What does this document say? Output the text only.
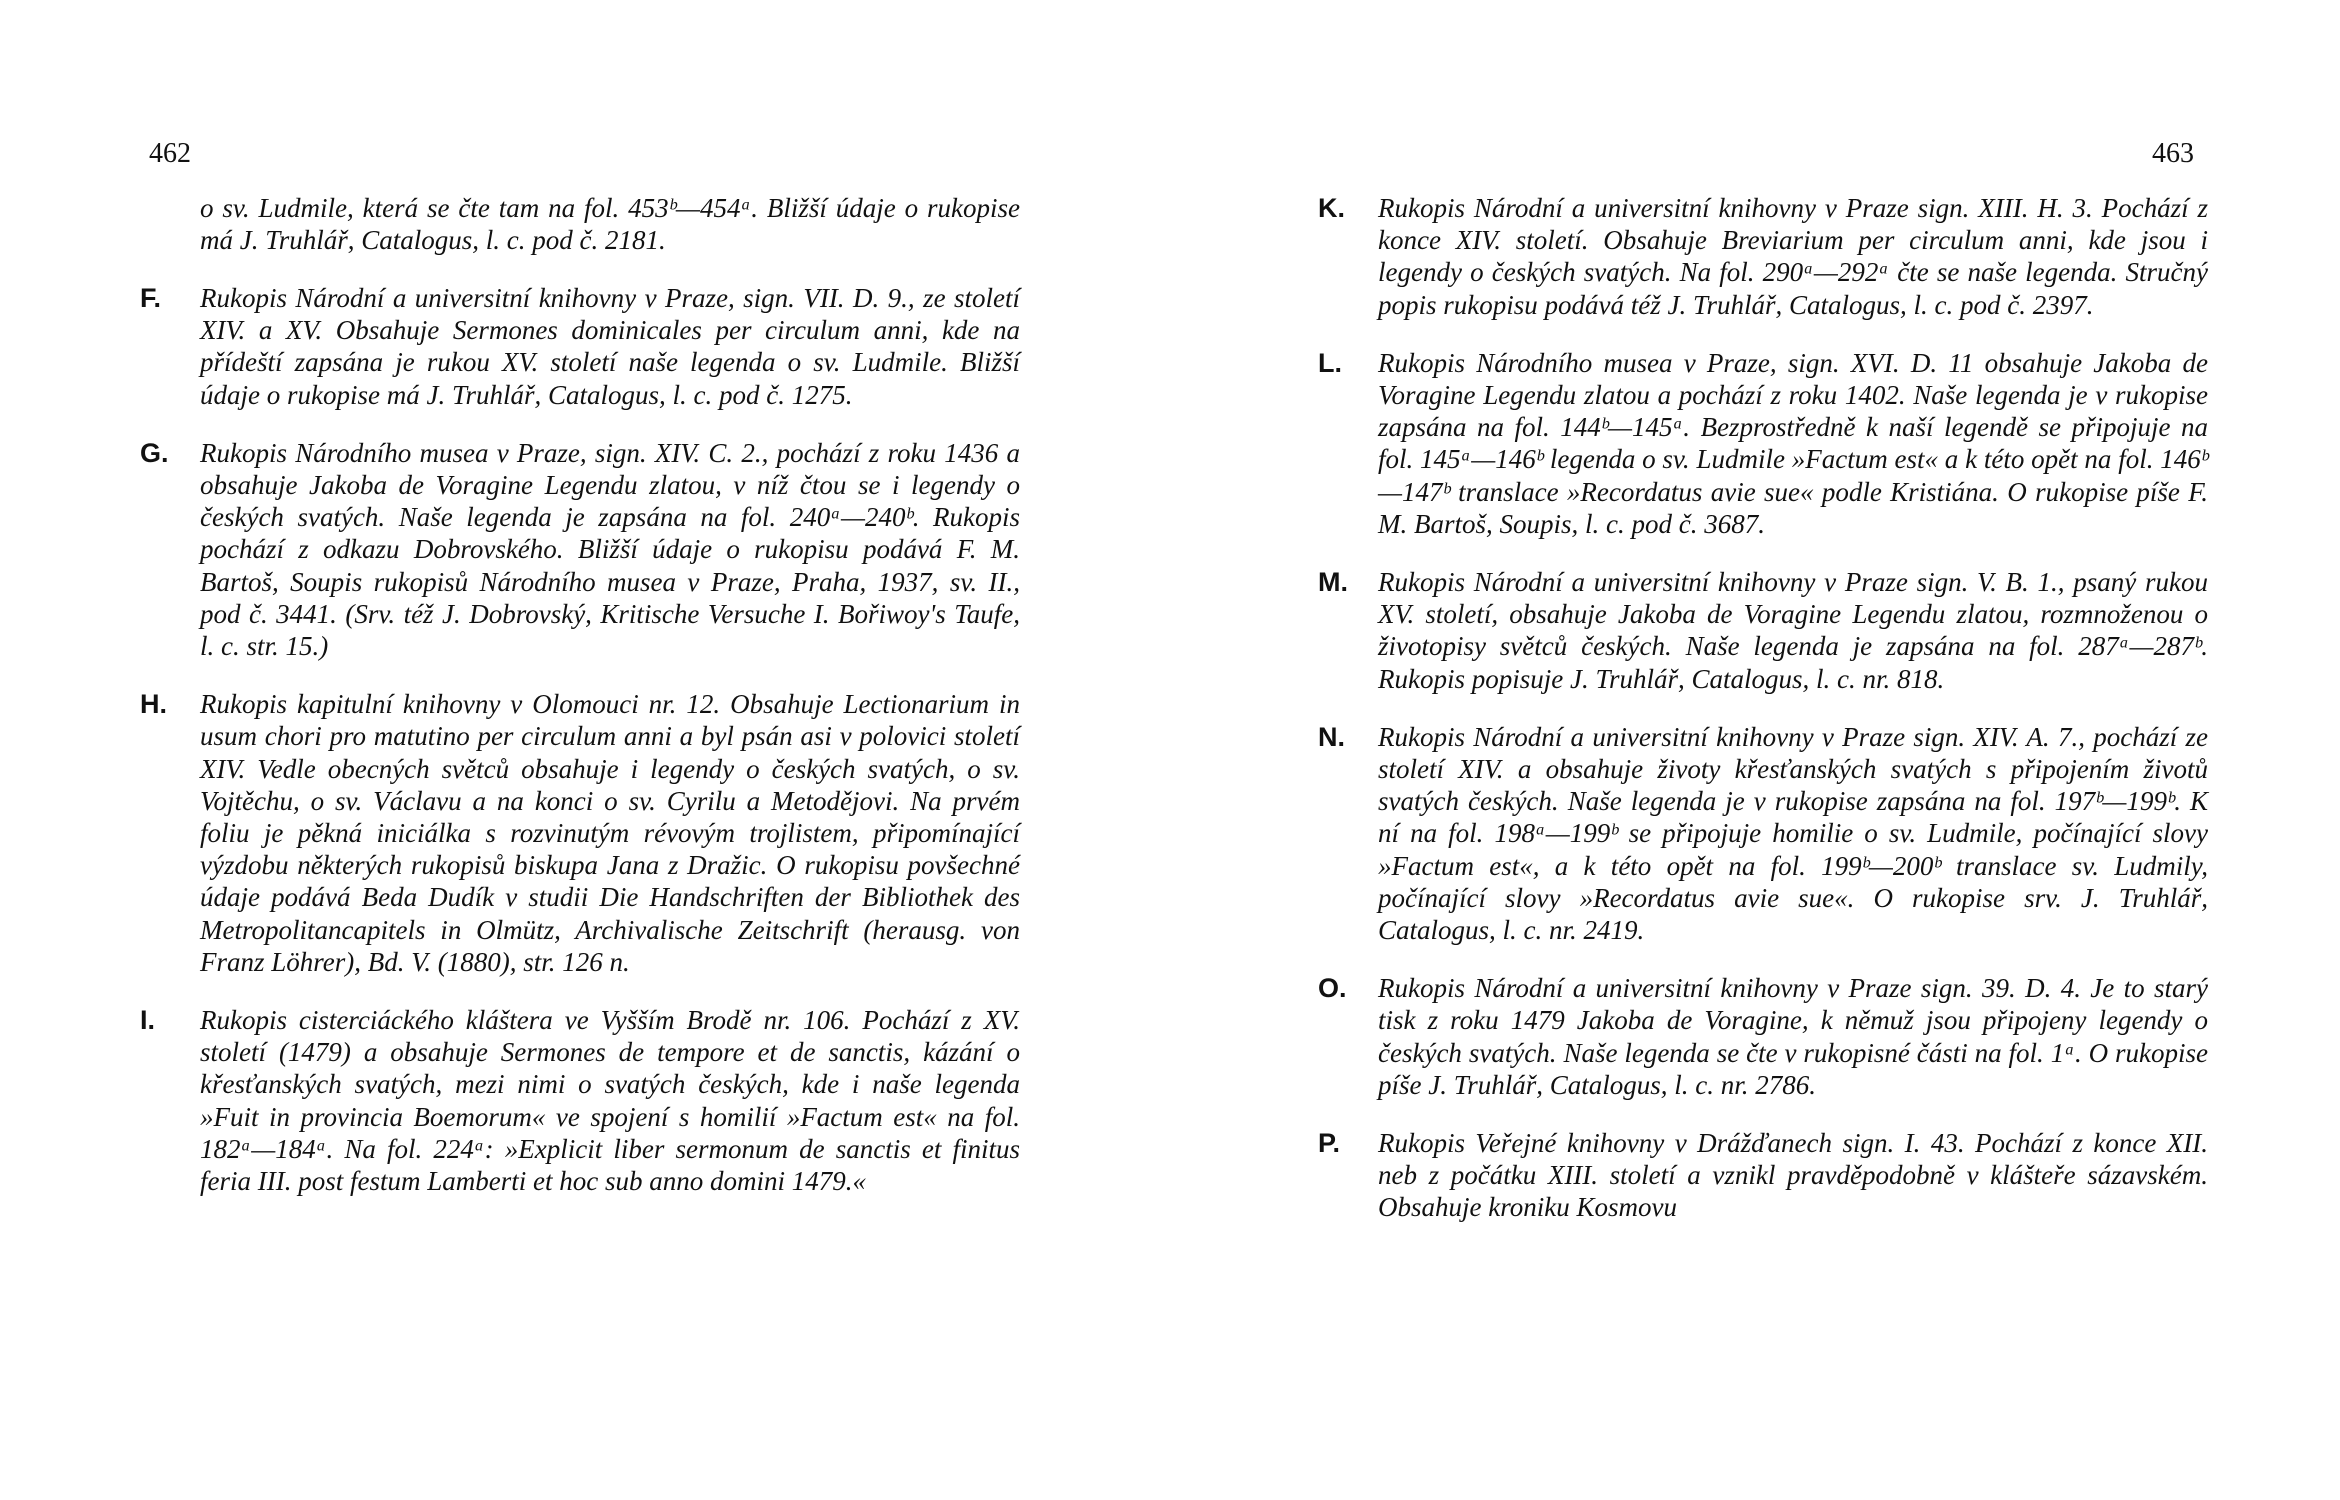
462

o sv. Ludmile, která se čte tam na fol. 453ᵇ—454ᵃ. Bližší údaje o rukopise má J. Truhlář, Catalogus, l. c. pod č. 2181.

F. Rukopis Národní a universitní knihovny v Praze, sign. VII. D. 9., ze století XIV. a XV. Obsahuje Sermones dominicales per circulum anni, kde na přídeští zapsána je rukou XV. století naše legenda o sv. Ludmile. Bližší údaje o rukopise má J. Truhlář, Catalogus, l. c. pod č. 1275.
G. Rukopis Národního musea v Praze, sign. XIV. C. 2., pochází z roku 1436 a obsahuje Jakoba de Voragine Legendu zlatou, v níž čtou se i legendy o českých svatých. Naše legenda je zapsána na fol. 240ᵃ—240ᵇ. Rukopis pochází z odkazu Dobrovského. Bližší údaje o rukopisu podává F. M. Bartoš, Soupis rukopisů Národního musea v Praze, Praha, 1937, sv. II., pod č. 3441. (Srv. též J. Dobrovský, Kritische Versuche I. Bořiwoy's Taufe, l. c. str. 15.)
H. Rukopis kapitulní knihovny v Olomouci nr. 12. Obsahuje Lectionarium in usum chori pro matutino per circulum anni a byl psán asi v polovici století XIV. Vedle obecných světců obsahuje i legendy o českých svatých, o sv. Vojtěchu, o sv. Václavu a na konci o sv. Cyrilu a Metodějovi. Na prvém foliu je pěkná iniciálka s rozvinutým révovým trojlistem, připomínající výzdobu některých rukopisů biskupa Jana z Dražic. O rukopisu povšechné údaje podává Beda Dudík v studii Die Handschriften der Bibliothek des Metropolitancapitels in Olmütz, Archivalische Zeitschrift (herausg. von Franz Löhrer), Bd. V. (1880), str. 126 n.
I. Rukopis cisterciáckého kláštera ve Vyšším Brodě nr. 106. Pochází z XV. století (1479) a obsahuje Sermones de tempore et de sanctis, kázání o křesťanských svatých, mezi nimi o svatých českých, kde i naše legenda »Fuit in provincia Boemorum« ve spojení s homilií »Factum est« na fol. 182ᵃ—184ᵃ. Na fol. 224ᵃ: »Explicit liber sermonum de sanctis et finitus feria III. post festum Lamberti et hoc sub anno domini 1479.«
463
K. Rukopis Národní a universitní knihovny v Praze sign. XIII. H. 3. Pochází z konce XIV. století. Obsahuje Breviarium per circulum anni, kde jsou i legendy o českých svatých. Na fol. 290ᵃ—292ᵃ čte se naše legenda. Stručný popis rukopisu podává též J. Truhlář, Catalogus, l. c. pod č. 2397.
L. Rukopis Národního musea v Praze, sign. XVI. D. 11 obsahuje Jakoba de Voragine Legendu zlatou a pochází z roku 1402. Naše legenda je v rukopise zapsána na fol. 144ᵇ—145ᵃ. Bezprostředně k naší legendě se připojuje na fol. 145ᵃ—146ᵇ legenda o sv. Ludmile »Factum est« a k této opět na fol. 146ᵇ—147ᵇ translace »Recordatus avie sue« podle Kristiána. O rukopise píše F. M. Bartoš, Soupis, l. c. pod č. 3687.
M. Rukopis Národní a universitní knihovny v Praze sign. V. B. 1., psaný rukou XV. století, obsahuje Jakoba de Voragine Legendu zlatou, rozmnoženou o životopisy světců českých. Naše legenda je zapsána na fol. 287ᵃ—287ᵇ. Rukopis popisuje J. Truhlář, Catalogus, l. c. nr. 818.
N. Rukopis Národní a universitní knihovny v Praze sign. XIV. A. 7., pochází ze století XIV. a obsahuje životy křesťanských svatých s připojením životů svatých českých. Naše legenda je v rukopise zapsána na fol. 197ᵇ—199ᵇ. K ní na fol. 198ᵃ—199ᵇ se připojuje homilie o sv. Ludmile, počínající slovy »Factum est«, a k této opět na fol. 199ᵇ—200ᵇ translace sv. Ludmily, počínající slovy »Recordatus avie sue«. O rukopise srv. J. Truhlář, Catalogus, l. c. nr. 2419.
O. Rukopis Národní a universitní knihovny v Praze sign. 39. D. 4. Je to starý tisk z roku 1479 Jakoba de Voragine, k němuž jsou připojeny legendy o českých svatých. Naše legenda se čte v rukopisné části na fol. 1ᵃ. O rukopise píše J. Truhlář, Catalogus, l. c. nr. 2786.
P. Rukopis Veřejné knihovny v Drážďanech sign. I. 43. Pochází z konce XII. neb z počátku XIII. století a vznikl pravděpodobně v klášteře sázavském. Obsahuje kroniku Kosmovu
